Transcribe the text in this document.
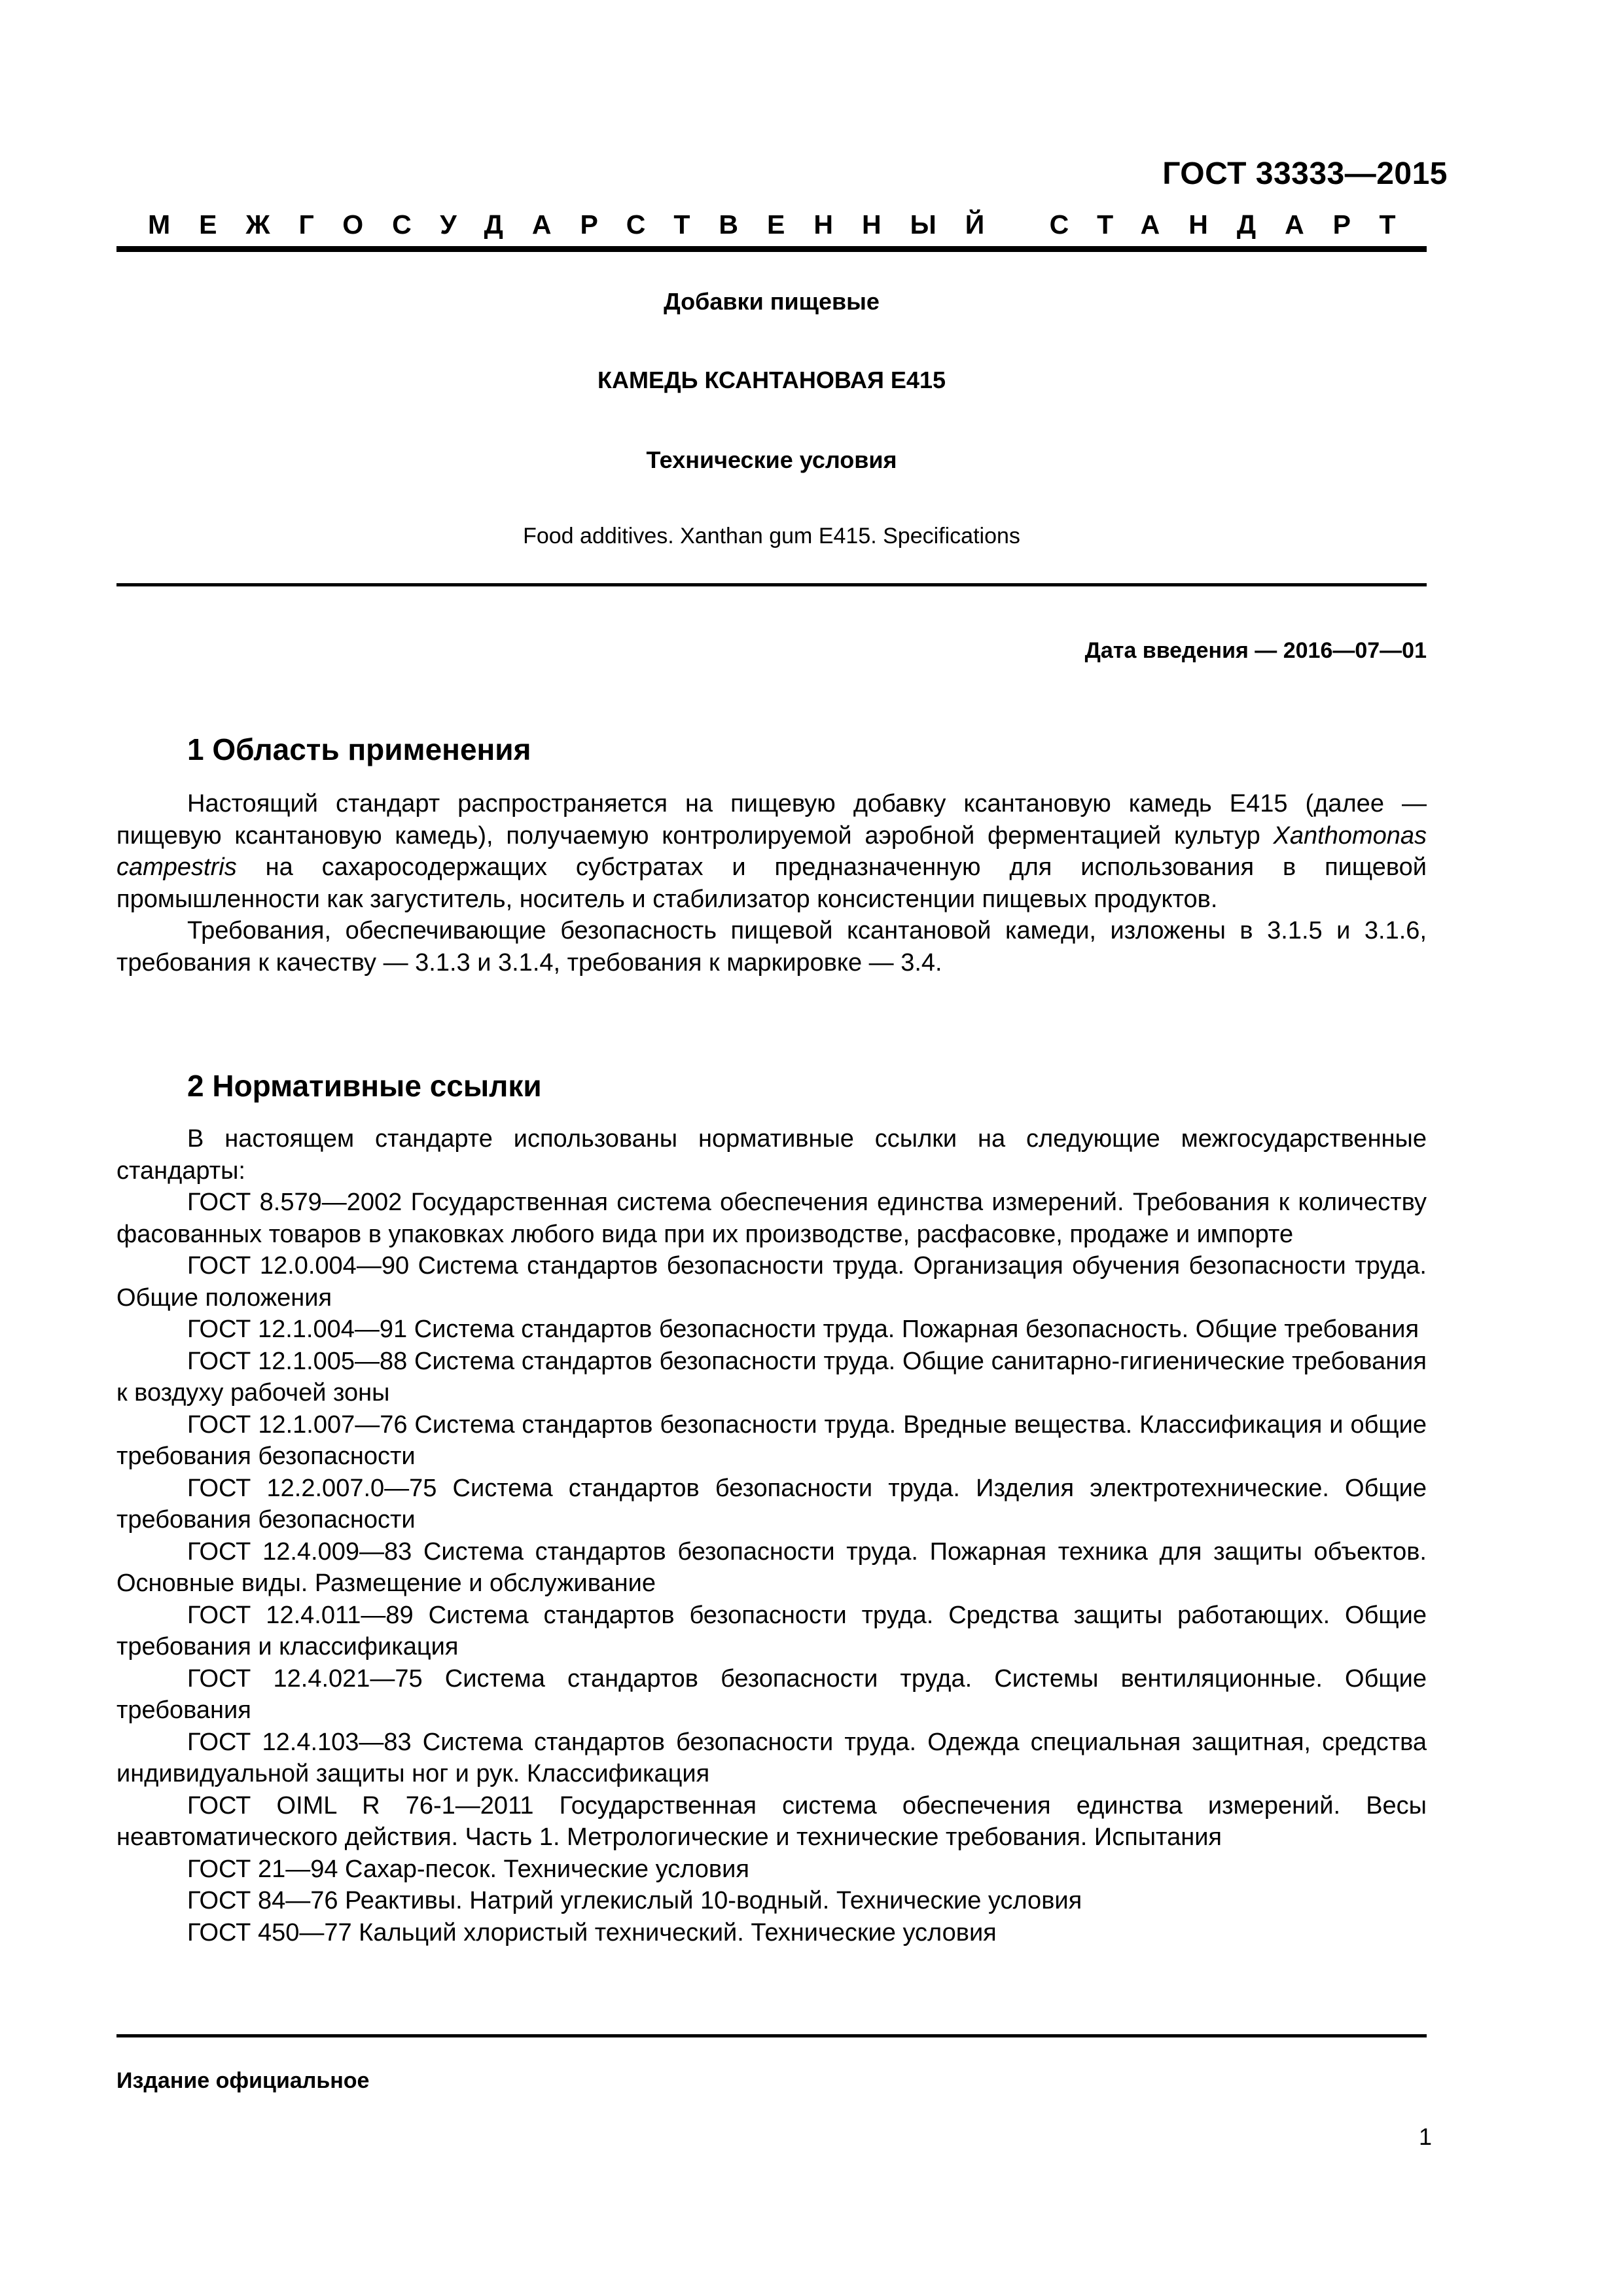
ГОСТ 33333—2015
МЕЖГОСУДАРСТВЕННЫЙ СТАНДАРТ
Добавки пищевые
КАМЕДЬ КСАНТАНОВАЯ Е415
Технические условия
Food additives. Xanthan gum E415. Specifications
Дата введения — 2016—07—01
1 Область применения

Настоящий стандарт распространяется на пищевую добавку ксантановую камедь Е415 (далее — пищевую ксантановую камедь), получаемую контролируемой аэробной ферментацией культур Xanthomonas campestris на сахаросодержащих субстратах и предназначенную для использования в пищевой промышленности как загуститель, носитель и стабилизатор консистенции пищевых продуктов.

Требования, обеспечивающие безопасность пищевой ксантановой камеди, изложены в 3.1.5 и 3.1.6, требования к качеству — 3.1.3 и 3.1.4, требования к маркировке — 3.4.

2 Нормативные ссылки

В настоящем стандарте использованы нормативные ссылки на следующие межгосударственные стандарты:

ГОСТ 8.579—2002 Государственная система обеспечения единства измерений. Требования к количеству фасованных товаров в упаковках любого вида при их производстве, расфасовке, продаже и импорте

ГОСТ 12.0.004—90 Система стандартов безопасности труда. Организация обучения безопасности труда. Общие положения

ГОСТ 12.1.004—91 Система стандартов безопасности труда. Пожарная безопасность. Общие требования

ГОСТ 12.1.005—88 Система стандартов безопасности труда. Общие санитарно-гигиенические требования к воздуху рабочей зоны

ГОСТ 12.1.007—76 Система стандартов безопасности труда. Вредные вещества. Классификация и общие требования безопасности

ГОСТ 12.2.007.0—75 Система стандартов безопасности труда. Изделия электротехнические. Общие требования безопасности

ГОСТ 12.4.009—83 Система стандартов безопасности труда. Пожарная техника для защиты объектов. Основные виды. Размещение и обслуживание

ГОСТ 12.4.011—89 Система стандартов безопасности труда. Средства защиты работающих. Общие требования и классификация

ГОСТ 12.4.021—75 Система стандартов безопасности труда. Системы вентиляционные. Общие требования

ГОСТ 12.4.103—83 Система стандартов безопасности труда. Одежда специальная защитная, средства индивидуальной защиты ног и рук. Классификация

ГОСТ OIML R 76-1—2011 Государственная система обеспечения единства измерений. Весы неавтоматического действия. Часть 1. Метрологические и технические требования. Испытания

ГОСТ 21—94 Сахар-песок. Технические условия

ГОСТ 84—76 Реактивы. Натрий углекислый 10-водный. Технические условия

ГОСТ 450—77 Кальций хлористый технический. Технические условия

Издание официальное
1
